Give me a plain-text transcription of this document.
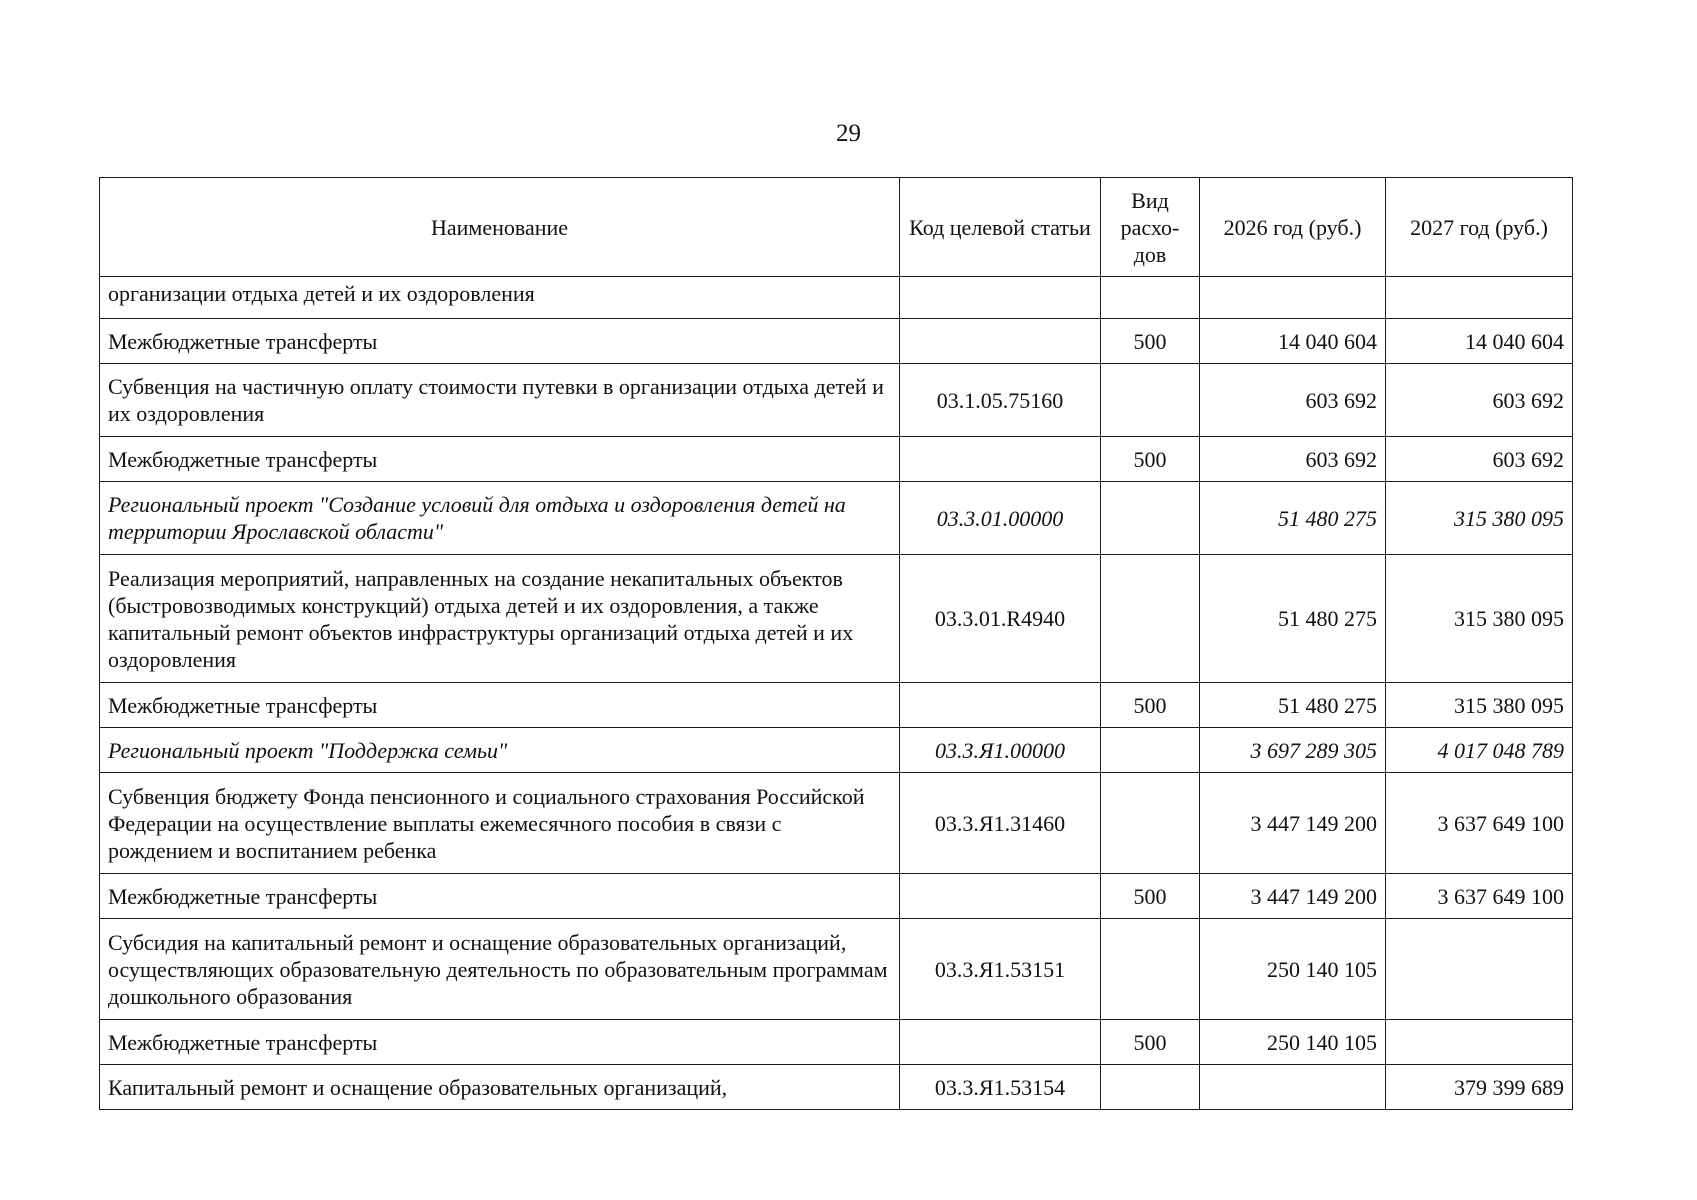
29
Наименование	Код целевой статьи	Вид расхо-дов	2026 год (руб.)	2027 год (руб.)
организации отдыха детей и их оздоровления				
Межбюджетные трансферты		500	14 040 604	14 040 604
Субвенция на частичную оплату стоимости путевки в организации отдыха детей и их оздоровления	03.1.05.75160		603 692	603 692
Межбюджетные трансферты		500	603 692	603 692
Региональный проект "Создание условий для отдыха и оздоровления детей на территории Ярославской области"	03.3.01.00000		51 480 275	315 380 095
Реализация мероприятий, направленных на создание некапитальных объектов (быстровозводимых конструкций) отдыха детей и их оздоровления, а также капитальный ремонт объектов инфраструктуры организаций отдыха детей и их оздоровления	03.3.01.R4940		51 480 275	315 380 095
Межбюджетные трансферты		500	51 480 275	315 380 095
Региональный проект "Поддержка семьи"	03.3.Я1.00000		3 697 289 305	4 017 048 789
Субвенция бюджету Фонда пенсионного и социального страхования Российской Федерации на осуществление выплаты ежемесячного пособия в связи с рождением и воспитанием ребенка	03.3.Я1.31460		3 447 149 200	3 637 649 100
Межбюджетные трансферты		500	3 447 149 200	3 637 649 100
Субсидия на капитальный ремонт и оснащение образовательных организаций, осуществляющих образовательную деятельность по образовательным программам дошкольного образования	03.3.Я1.53151		250 140 105	
Межбюджетные трансферты		500	250 140 105	
Капитальный ремонт и оснащение образовательных организаций,	03.3.Я1.53154			379 399 689
